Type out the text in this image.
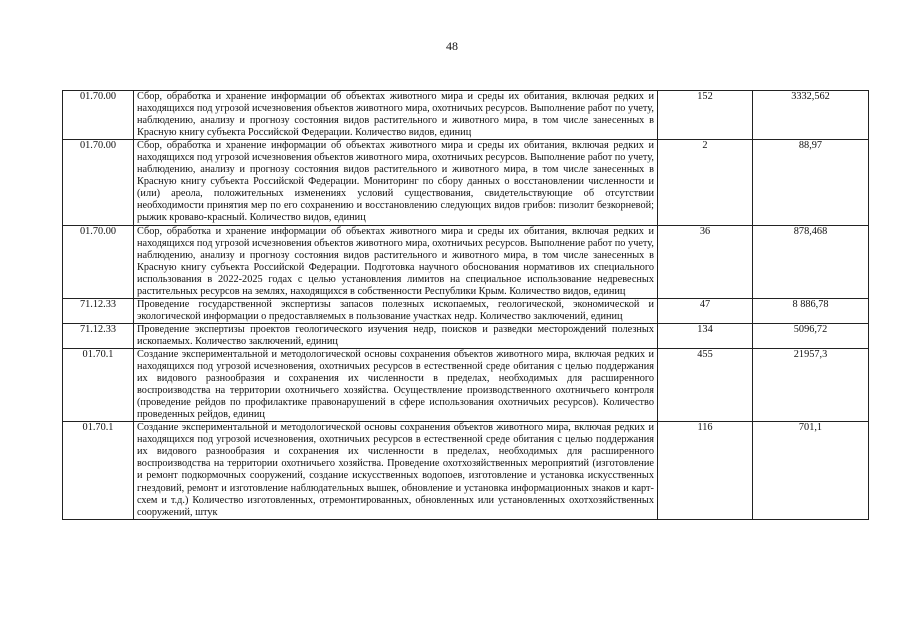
48
01.70.00	Сбор, обработка и хранение информации об объектах животного мира и среды их обитания, включая редких и находящихся под угрозой исчезновения объектов животного мира, охотничьих ресурсов. Выполнение работ по учету, наблюдению, анализу и прогнозу состояния видов растительного и животного мира, в том числе занесенных в Красную книгу субъекта Российской Федерации. Количество видов, единиц	152	3332,562
01.70.00	Сбор, обработка и хранение информации об объектах животного мира и среды их обитания, включая редких и находящихся под угрозой исчезновения объектов животного мира, охотничьих ресурсов. Выполнение работ по учету, наблюдению, анализу и прогнозу состояния видов растительного и животного мира, в том числе занесенных в Красную книгу субъекта Российской Федерации. Мониторинг по сбору данных о восстановлении численности и (или) ареола, положительных изменениях условий существования, свидетельствующие об отсутствии необходимости принятия мер по его сохранению и восстановлению следующих видов грибов: пизолит безкорневой; рыжик кроваво-красный. Количество видов, единиц	2	88,97
01.70.00	Сбор, обработка и хранение информации об объектах животного мира и среды их обитания, включая редких и находящихся под угрозой исчезновения объектов животного мира, охотничьих ресурсов. Выполнение работ по учету, наблюдению, анализу и прогнозу состояния видов растительного и животного мира, в том числе занесенных в Красную книгу субъекта Российской Федерации. Подготовка научного обоснования нормативов их специального использования в 2022-2025 годах с целью установления лимитов на специальное использование недревесных растительных ресурсов на землях, находящихся в собственности Республики Крым. Количество видов, единиц	36	878,468
71.12.33	Проведение государственной экспертизы запасов полезных ископаемых, геологической, экономической и экологической информации о предоставляемых в пользование участках недр. Количество заключений, единиц	47	8 886,78
71.12.33	Проведение экспертизы проектов геологического изучения недр, поисков и разведки месторождений полезных ископаемых. Количество заключений, единиц	134	5096,72
01.70.1	Создание экспериментальной и методологической основы сохранения объектов животного мира, включая редких и находящихся под угрозой исчезновения, охотничьих ресурсов в естественной среде обитания с целью поддержания их видового разнообразия и сохранения их численности в пределах, необходимых для расширенного воспроизводства на территории охотничьего хозяйства. Осуществление производственного охотничьего контроля (проведение рейдов по профилактике правонарушений в сфере использования охотничьих ресурсов). Количество проведенных рейдов, единиц	455	21957,3
01.70.1	Создание экспериментальной и методологической основы сохранения объектов животного мира, включая редких и находящихся под угрозой исчезновения, охотничьих ресурсов в естественной среде обитания с целью поддержания их видового разнообразия и сохранения их численности в пределах, необходимых для расширенного воспроизводства на территории охотничьего хозяйства. Проведение охотхозяйственных мероприятий (изготовление и ремонт подкормочных сооружений, создание искусственных водопоев, изготовление и установка искусственных гнездовий, ремонт и изготовление наблюдательных вышек, обновление и установка информационных знаков и карт-схем и т.д.) Количество изготовленных, отремонтированных, обновленных или установленных охотхозяйственных сооружений, штук	116	701,1
